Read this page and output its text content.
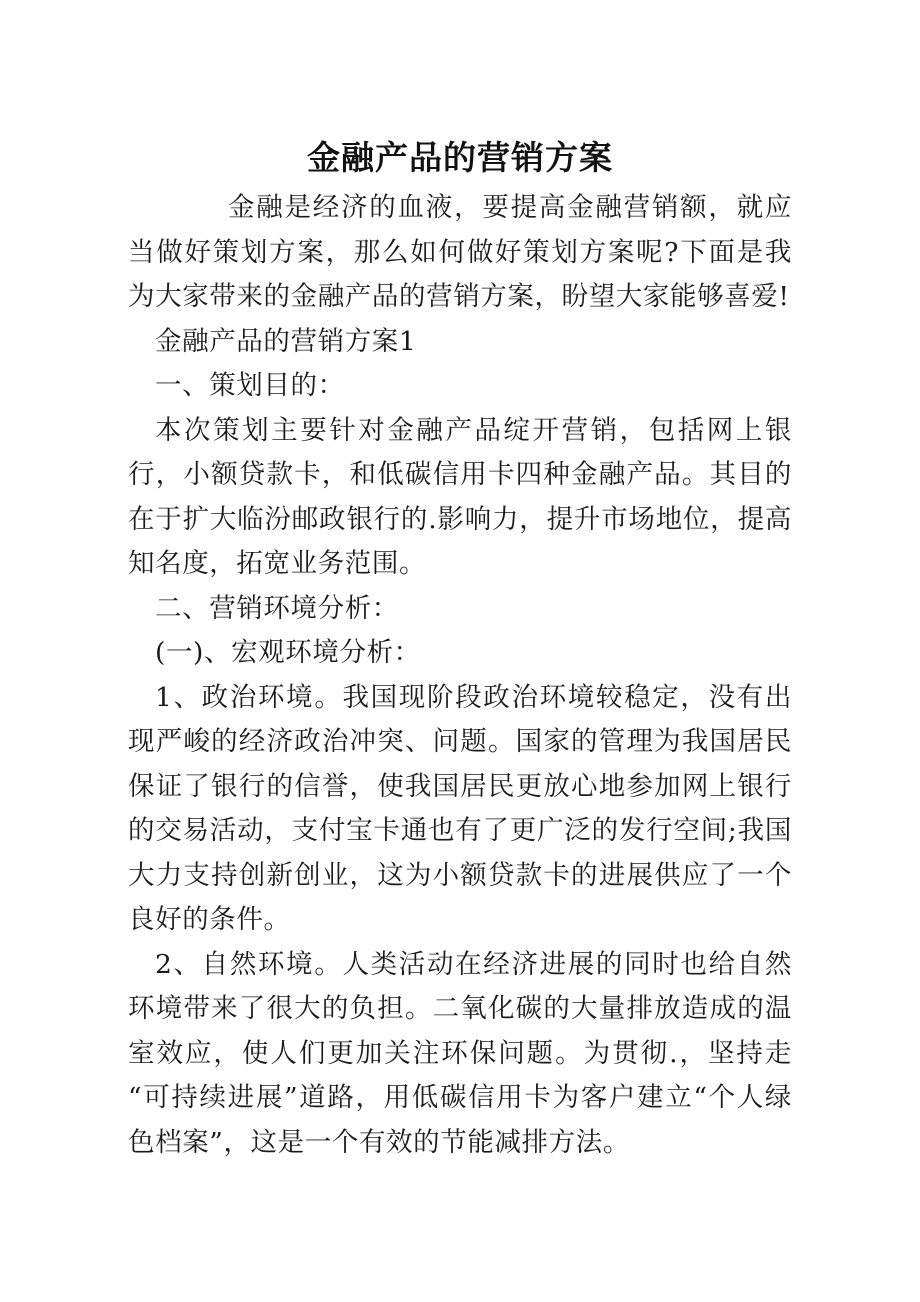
金融产品的营销方案

金融是经济的血液，要提高金融营销额，就应当做好策划方案，那么如何做好策划方案呢?下面是我为大家带来的金融产品的营销方案，盼望大家能够喜爱!

金融产品的营销方案1

一、策划目的：

本次策划主要针对金融产品绽开营销，包括网上银行，小额贷款卡，和低碳信用卡四种金融产品。其目的在于扩大临汾邮政银行的.影响力，提升市场地位，提高知名度，拓宽业务范围。

二、营销环境分析：

(一)、宏观环境分析：

1、政治环境。我国现阶段政治环境较稳定，没有出现严峻的经济政治冲突、问题。国家的管理为我国居民保证了银行的信誉，使我国居民更放心地参加网上银行的交易活动，支付宝卡通也有了更广泛的发行空间;我国大力支持创新创业，这为小额贷款卡的进展供应了一个良好的条件。

2、自然环境。人类活动在经济进展的同时也给自然环境带来了很大的负担。二氧化碳的大量排放造成的温室效应，使人们更加关注环保问题。为贯彻.，坚持走“可持续进展”道路，用低碳信用卡为客户建立“个人绿色档案”，这是一个有效的节能减排方法。
